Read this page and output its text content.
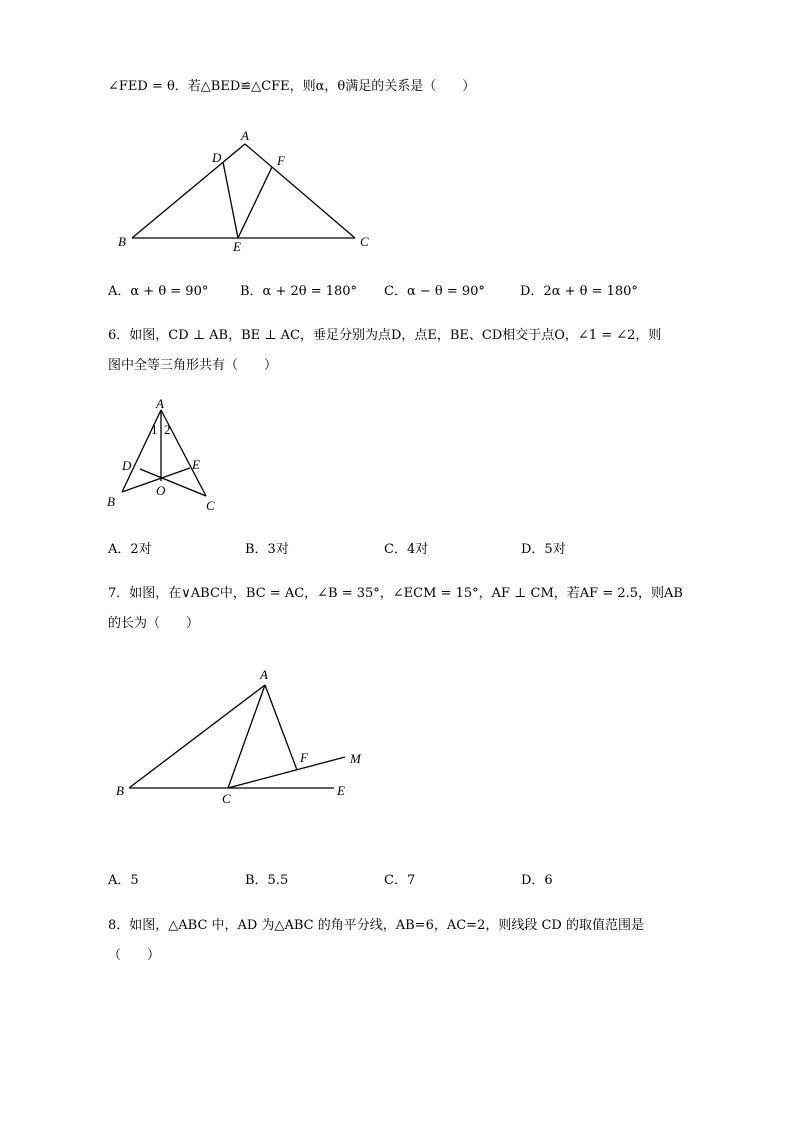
∠FED = θ．若△BED≌△CFE，则α，θ满足的关系是（　　）
A
D	F
B	E	C
A．α + θ = 90° B．α + 2θ = 180° C．α − θ = 90°	D．2α + θ = 180°
6．如图，CD ⊥ AB，BE ⊥ AC，垂足分别为点D，点E，BE、CD相交于点O，∠1 = ∠2，则
图中全等三角形共有（　　）
A
1 2
D	E
O
B	C
A．2对	B．3对	C．4对	D．5对
7．如图，在∨ABC中，BC = AC，∠B = 35°，∠ECM = 15°，AF ⊥ CM，若AF = 2.5，则AB
的长为（　　）
A
F	M
B
C
E
A．5	B．5.5	C．7	D．6
8．如图，△ABC 中，AD 为△ABC 的角平分线，AB=6，AC=2，则线段 CD 的取值范围是
（　　）
